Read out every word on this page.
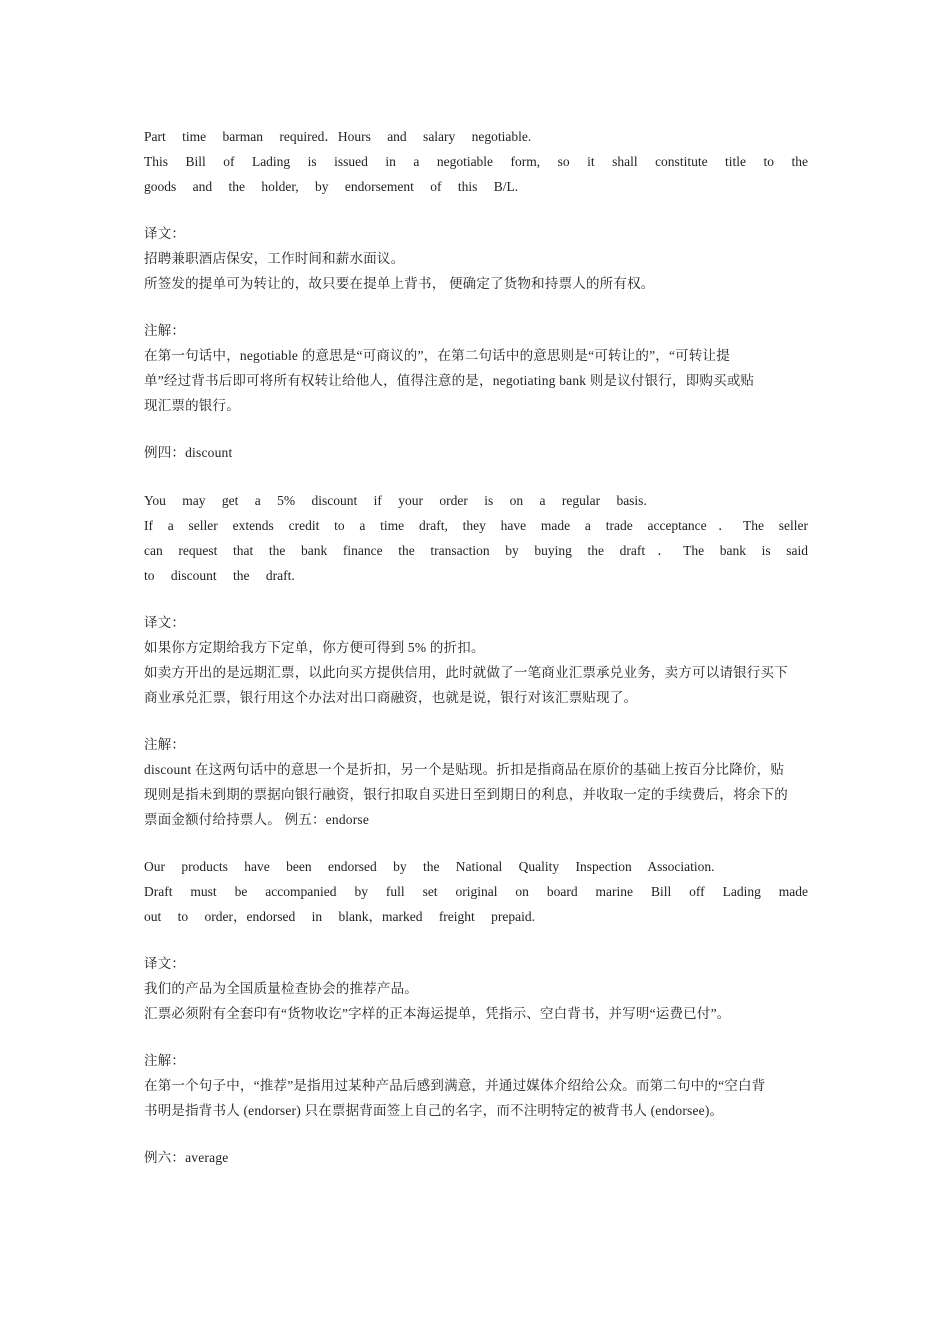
Part time barman required．Hours and salary negotiable.
This Bill of Lading is issued in a negotiable form, so it shall constitute title to the
goods and the holder, by endorsement of this B/L.
译文：
招聘兼职酒店保安，工作时间和薪水面议。
所签发的提单可为转让的，故只要在提单上背书， 便确定了货物和持票人的所有权。
注解：
在第一句话中，negotiable 的意思是“可商议的”，在第二句话中的意思则是“可转让的”，“可转让提
单”经过背书后即可将所有权转让给他人，值得注意的是，negotiating bank 则是议付银行，即购买或贴
现汇票的银行。
例四：discount
You may get a 5% discount if your order is on a regular basis.
If a seller extends credit to a time draft, they have made a trade acceptance．The seller
can request that the bank finance the transaction by buying the draft．The bank is said
to discount the draft.
译文：
如果你方定期给我方下定单，你方便可得到 5% 的折扣。
如卖方开出的是远期汇票，以此向买方提供信用，此时就做了一笔商业汇票承兑业务，卖方可以请银行买下
商业承兑汇票，银行用这个办法对出口商融资，也就是说，银行对该汇票贴现了。
注解：
discount 在这两句话中的意思一个是折扣，另一个是贴现。折扣是指商品在原价的基础上按百分比降价，贴
现则是指未到期的票据向银行融资，银行扣取自买进日至到期日的利息，并收取一定的手续费后，将余下的
票面金额付给持票人。 例五：endorse
Our products have been endorsed by the National Quality Inspection Association.
Draft must be accompanied by full set original on board marine Bill off Lading made
out to order，endorsed in blank，marked freight prepaid.
译文：
我们的产品为全国质量检查协会的推荐产品。
汇票必须附有全套印有“货物收讫”字样的正本海运提单，凭指示、空白背书，并写明“运费已付”。
注解：
在第一个句子中，“推荐”是指用过某种产品后感到满意，并通过媒体介绍给公众。而第二句中的“空白背
书明是指背书人 (endorser) 只在票据背面签上自己的名字，而不注明特定的被背书人 (endorsee)。
例六：average
